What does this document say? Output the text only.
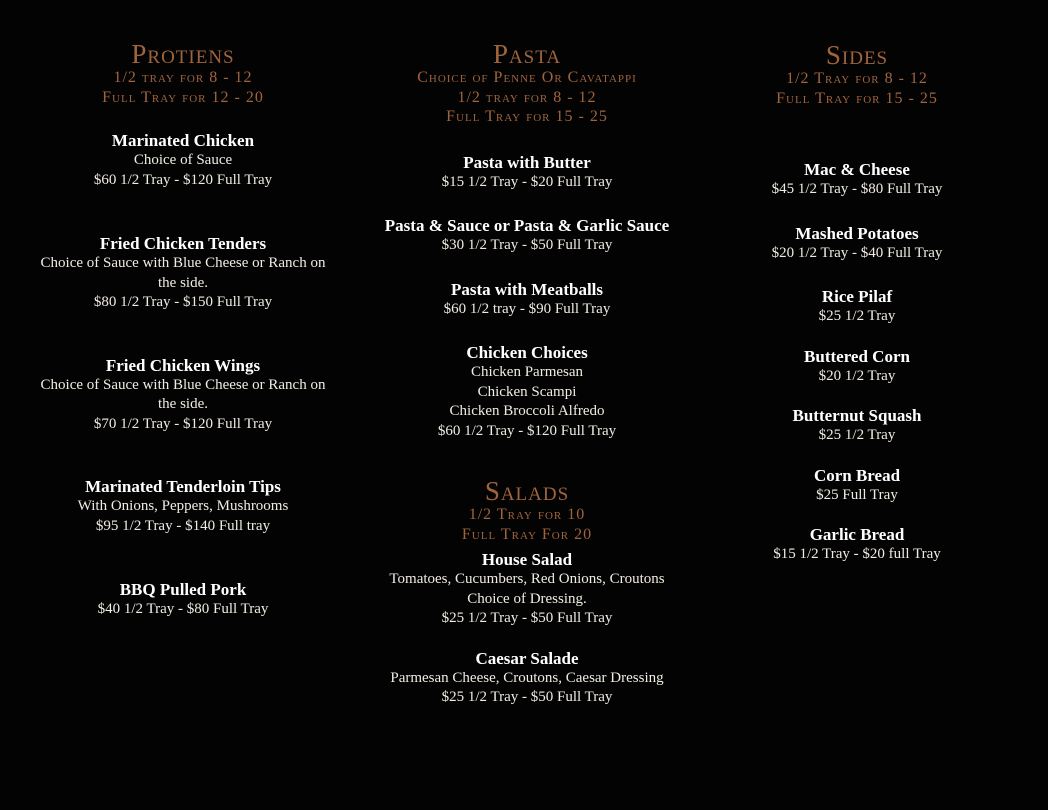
Protiens
1/2 tray for 8 - 12
Full Tray for 12 - 20
Marinated Chicken
Choice of Sauce
$60 1/2 Tray - $120 Full Tray
Fried Chicken Tenders
Choice of Sauce with Blue Cheese or Ranch on
the side.
$80 1/2 Tray - $150 Full Tray
Fried Chicken Wings
Choice of Sauce with Blue Cheese or Ranch on
the side.
$70 1/2 Tray - $120 Full Tray
Marinated Tenderloin Tips
With Onions, Peppers, Mushrooms
$95 1/2 Tray - $140 Full tray
BBQ Pulled Pork
$40 1/2 Tray - $80 Full Tray
Pasta
Choice of Penne Or Cavatappi
1/2 tray for 8 - 12
Full Tray for 15 - 25
Pasta with Butter
$15 1/2 Tray - $20 Full Tray
Pasta & Sauce or Pasta & Garlic Sauce
$30 1/2 Tray - $50 Full Tray
Pasta with Meatballs
$60 1/2 tray - $90 Full Tray
Chicken Choices
Chicken Parmesan
Chicken Scampi
Chicken Broccoli Alfredo
$60 1/2 Tray - $120 Full Tray
Salads
1/2 Tray for 10
Full Tray For 20
House Salad
Tomatoes, Cucumbers, Red Onions, Croutons
Choice of Dressing.
$25 1/2 Tray - $50 Full Tray
Caesar Salade
Parmesan Cheese, Croutons, Caesar Dressing
$25 1/2 Tray - $50 Full Tray
Sides
1/2 Tray for 8 - 12
Full Tray for 15 - 25
Mac & Cheese
$45 1/2 Tray - $80 Full Tray
Mashed Potatoes
$20 1/2 Tray - $40 Full Tray
Rice Pilaf
$25 1/2 Tray
Buttered Corn
$20 1/2 Tray
Butternut Squash
$25 1/2 Tray
Corn Bread
$25 Full Tray
Garlic Bread
$15 1/2 Tray - $20 full Tray
